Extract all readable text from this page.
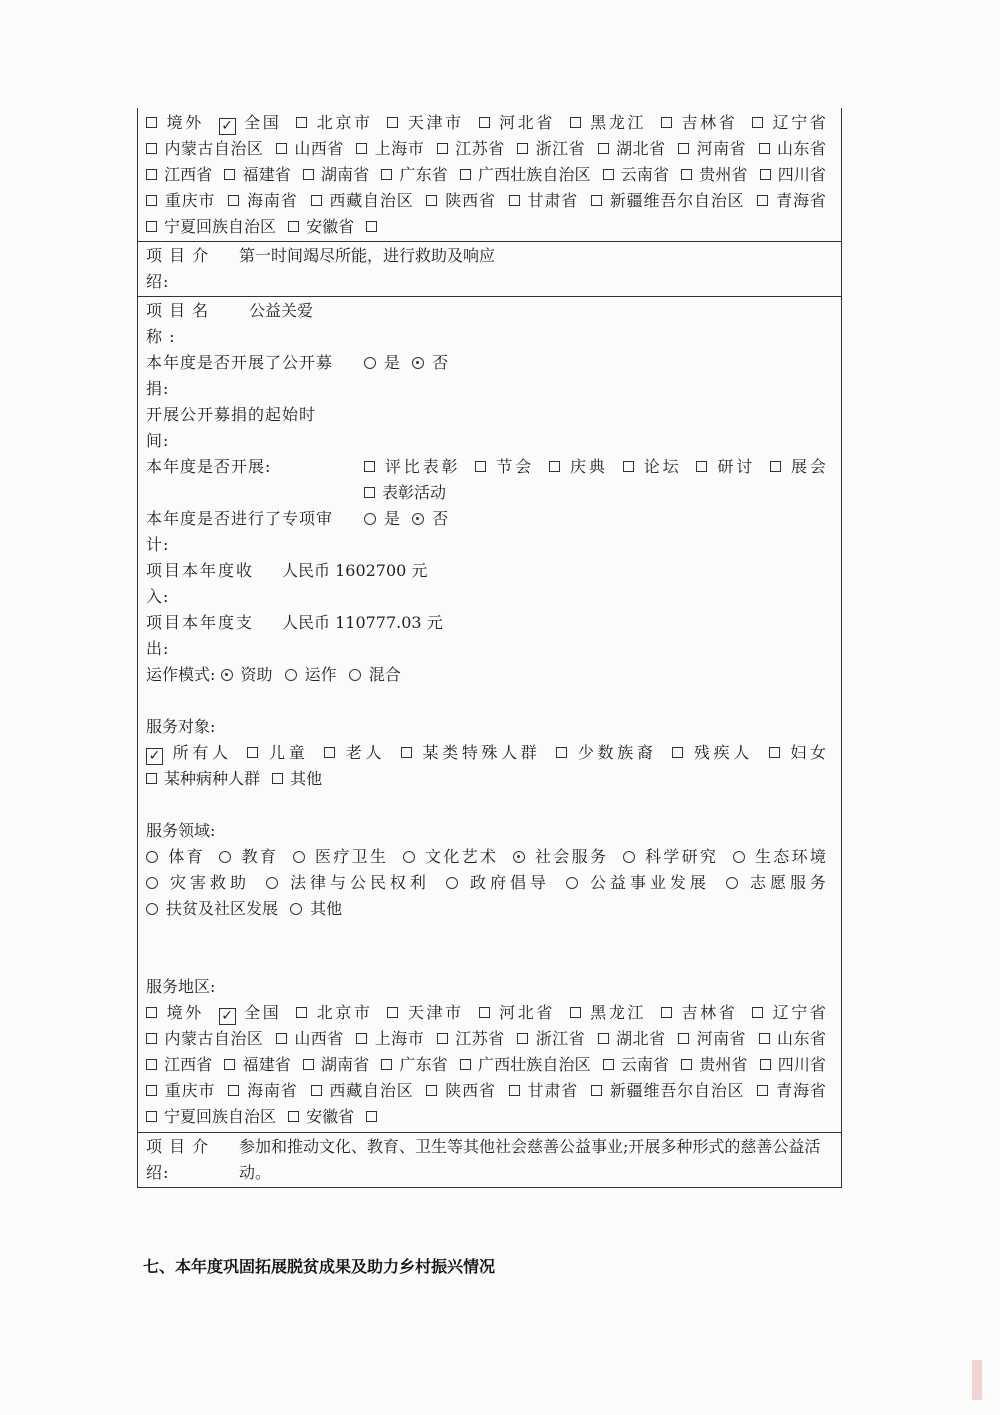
境外 ✓ 全国 北京市 天津市 河北省 黑龙江 吉林省 辽宁省 内蒙古自治区 山西省 上海市 江苏省 浙江省 湖北省 河南省 山东省 江西省 福建省 湖南省 广东省 广西壮族自治区 云南省 贵州省 四川省 重庆市 海南省 西藏自治区 陕西省 甘肃省 新疆维吾尔自治区 青海省 宁夏回族自治区 安徽省
项 目 介	第一时间竭尽所能，进行救助及响应
绍:
项 目 名	公益关爱
称 :
本年度是否开展了公开募	是 否
捐:
开展公开募捐的起始时
间:
本年度是否开展:	评比表彰 节会 庆典 论坛 研讨 展会 表彰活动
本年度是否进行了专项审	是 否
计:
项目本年度收	人民币 1602700 元
入:
项目本年度支	人民币 110777.03 元
出:
运作模式: 资助 运作 混合
服务对象:
✓ 所有人 儿童 老人 某类特殊人群 少数族裔 残疾人 妇女 某种病种人群 其他
服务领域:
体育 教育 医疗卫生 文化艺术 社会服务 科学研究 生态环境 灾害救助 法律与公民权利 政府倡导 公益事业发展 志愿服务 扶贫及社区发展 其他
服务地区:
境外 ✓ 全国 北京市 天津市 河北省 黑龙江 吉林省 辽宁省 内蒙古自治区 山西省 上海市 江苏省 浙江省 湖北省 河南省 山东省 江西省 福建省 湖南省 广东省 广西壮族自治区 云南省 贵州省 四川省 重庆市 海南省 西藏自治区 陕西省 甘肃省 新疆维吾尔自治区 青海省 宁夏回族自治区 安徽省
项 目 介
绍:
参加和推动文化、教育、卫生等其他社会慈善公益事业;开展多种形式的慈善公益活动。
七、本年度巩固拓展脱贫成果及助力乡村振兴情况
